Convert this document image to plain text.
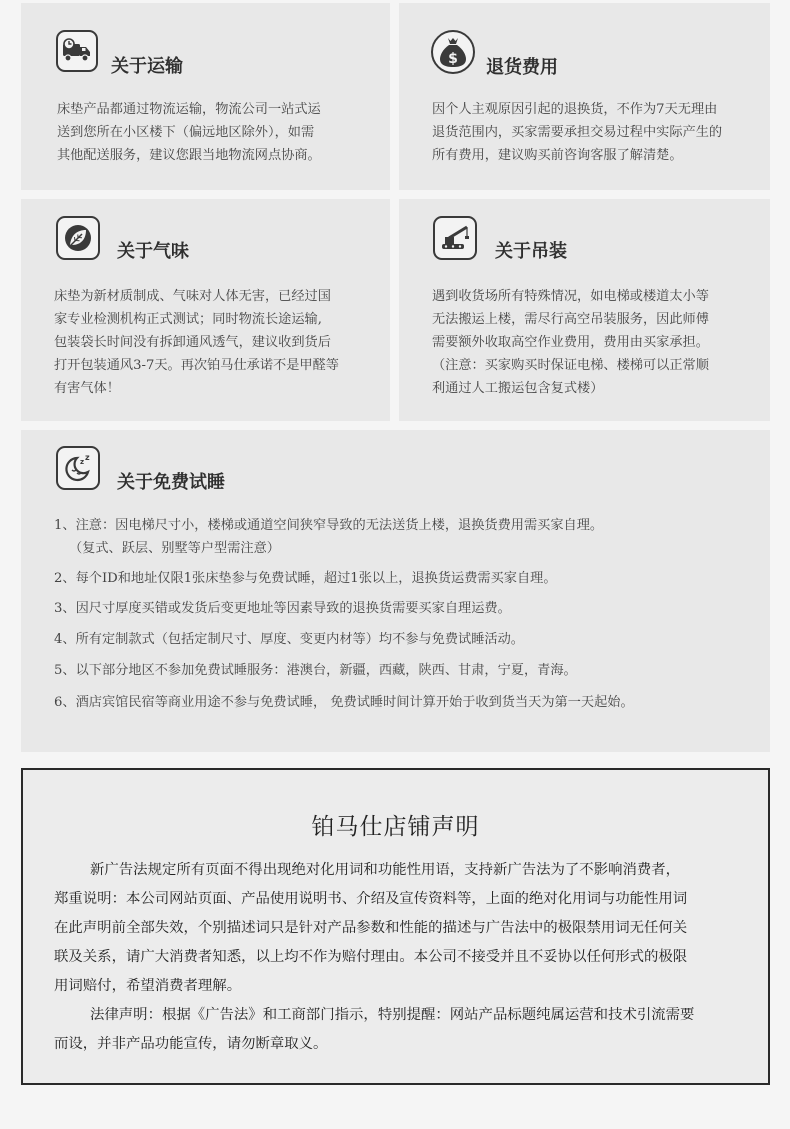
关于运输
床垫产品都通过物流运输，物流公司一站式运
送到您所在小区楼下（偏远地区除外），如需
其他配送服务，建议您跟当地物流网点协商。
$ 退货费用
因个人主观原因引起的退换货，不作为7天无理由
退货范围内，买家需要承担交易过程中实际产生的
所有费用，建议购买前咨询客服了解清楚。
关于气味
床垫为新材质制成、气味对人体无害，已经过国
家专业检测机构正式测试；同时物流长途运输,
包装袋长时间没有拆卸通风透气，建议收到货后
打开包装通风3-7天。再次铂马仕承诺不是甲醛等
有害气体！
关于吊装
遇到收货场所有特殊情况，如电梯或楼道太小等
无法搬运上楼，需尽行高空吊装服务，因此师傅
需要额外收取高空作业费用，费用由买家承担。
（注意：买家购买时保证电梯、楼梯可以正常顺
利通过人工搬运包含复式楼）
z z
关于免费试睡
1、注意：因电梯尺寸小，楼梯或通道空间狭窄导致的无法送货上楼，退换货费用需买家自理。
（复式、跃层、别墅等户型需注意）
2、每个ID和地址仅限1张床垫参与免费试睡，超过1张以上，退换货运费需买家自理。
3、因尺寸厚度买错或发货后变更地址等因素导致的退换货需要买家自理运费。
4、所有定制款式（包括定制尺寸、厚度、变更内材等）均不参与免费试睡活动。
5、以下部分地区不参加免费试睡服务：港澳台，新疆，西藏，陕西、甘肃，宁夏，青海。
6、酒店宾馆民宿等商业用途不参与免费试睡， 免费试睡时间计算开始于收到货当天为第一天起始。
铂马仕店铺声明
新广告法规定所有页面不得出现绝对化用词和功能性用语，支持新广告法为了不影响消费者，
郑重说明：本公司网站页面、产品使用说明书、介绍及宣传资料等，上面的绝对化用词与功能性用词
在此声明前全部失效，个别描述词只是针对产品参数和性能的描述与广告法中的极限禁用词无任何关
联及关系，请广大消费者知悉，以上均不作为赔付理由。本公司不接受并且不妥协以任何形式的极限
用词赔付，希望消费者理解。
法律声明：根据《广告法》和工商部门指示，特别提醒：网站产品标题纯属运营和技术引流需要
而设，并非产品功能宣传，请勿断章取义。
